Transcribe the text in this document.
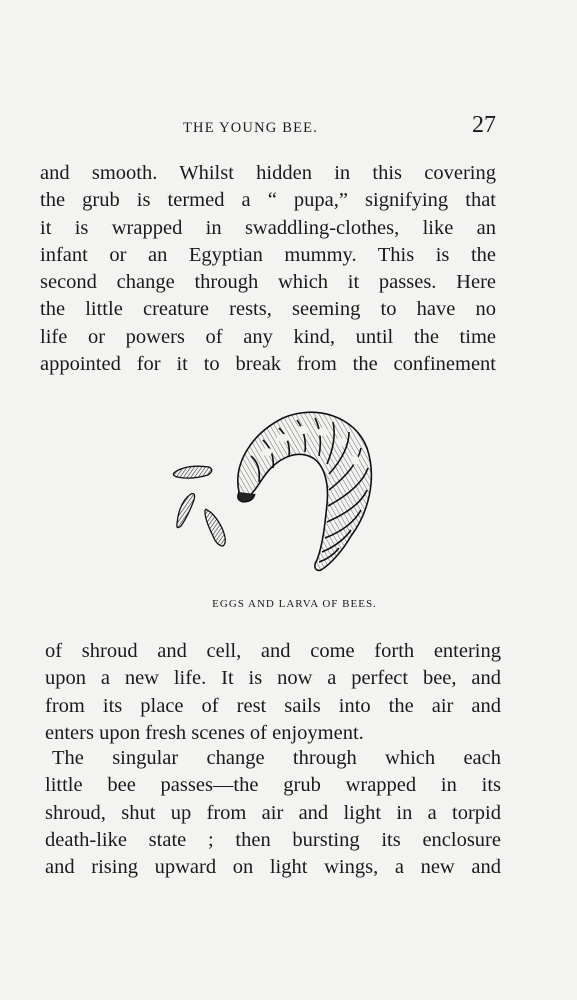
THE YOUNG BEE.	27

and smooth. Whilst hidden in this covering
the grub is termed a “ pupa,” signifying that
it is wrapped in swaddling-clothes, like an
infant or an Egyptian mummy. This is the
second change through which it passes. Here
the little creature rests, seeming to have no
life or powers of any kind, until the time
appointed for it to break from the confinement

EGGS AND LARVA OF BEES.

of shroud and cell, and come forth entering
upon a new life. It is now a perfect bee, and
from its place of rest sails into the air and
enters upon fresh scenes of enjoyment.

The singular change through which each
little bee passes—the grub wrapped in its
shroud, shut up from air and light in a torpid
death-like state ; then bursting its enclosure
and rising upward on light wings, a new and
